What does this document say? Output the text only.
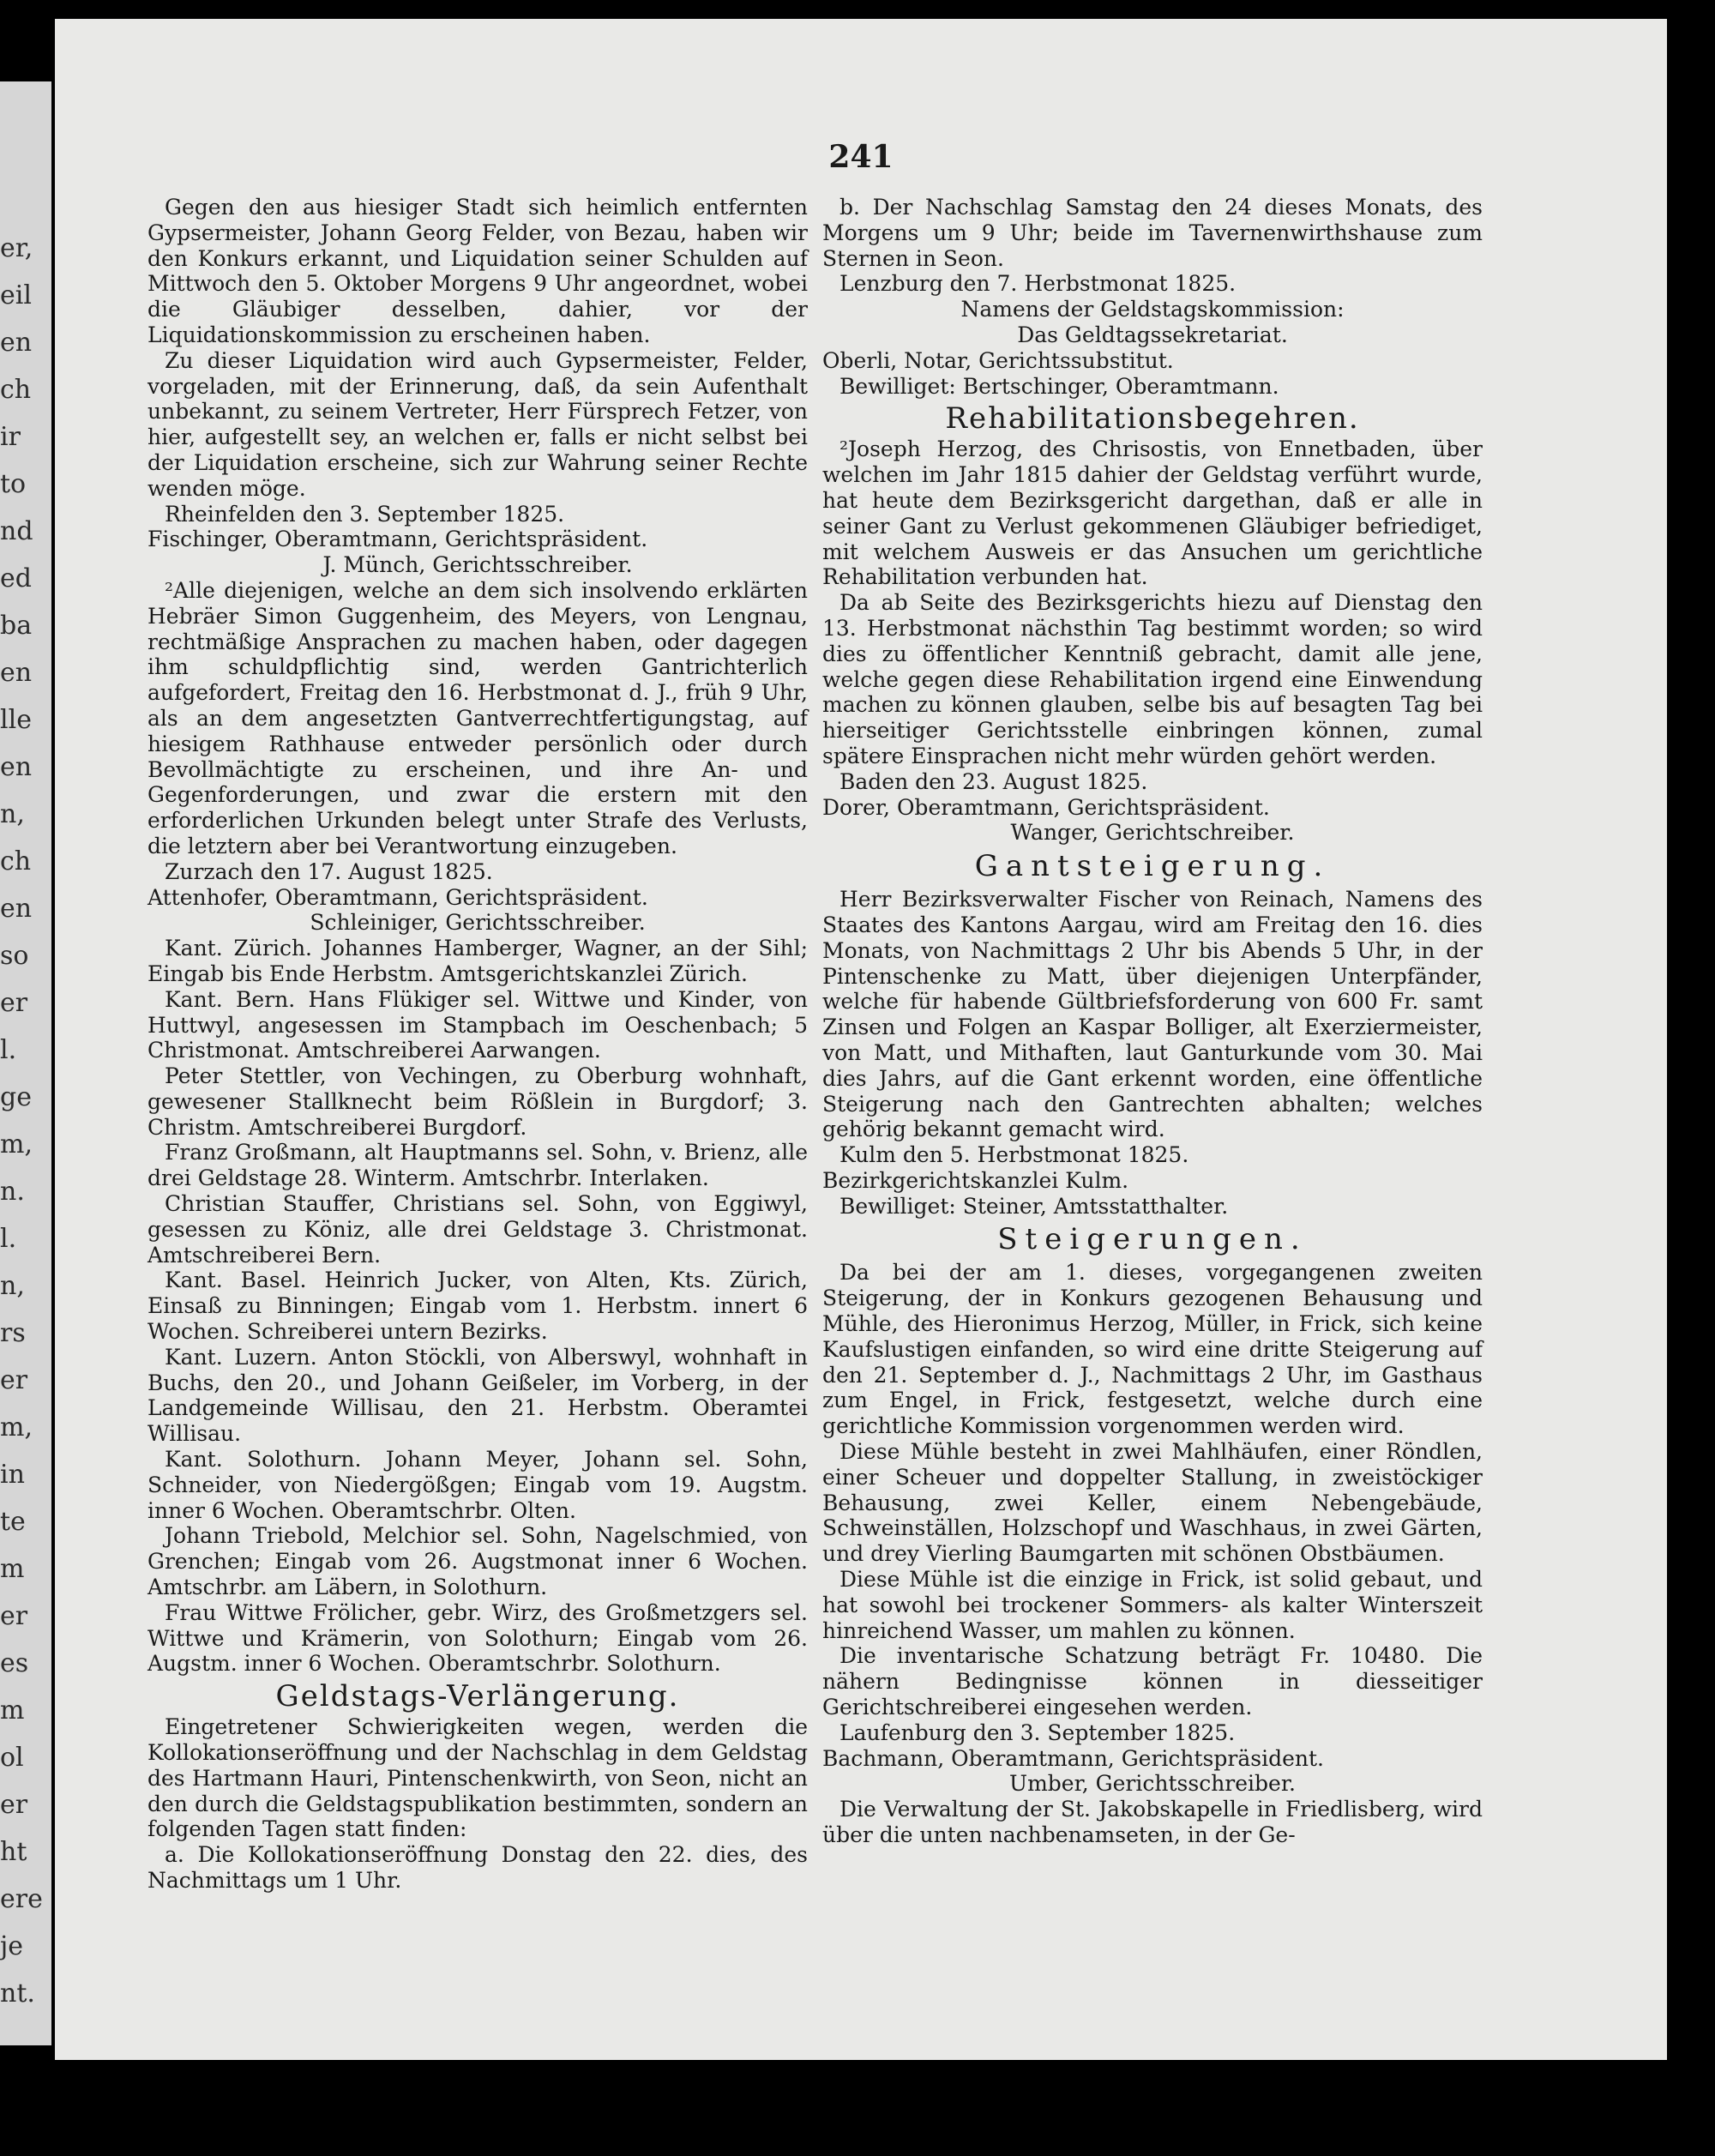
er,
eil
en
ch
ir
to
nd
ed
ba
en
lle
en
n,
ch
en
so
er
l.
ge
m,
n.
l.
n,
rs
er
m,
in
te
m
er
es
m
ol
er
ht
ere
je
nt.
241

Gegen den aus hiesiger Stadt sich heimlich entfernten Gypsermeister, Johann Georg Felder, von Bezau, haben wir den Konkurs erkannt, und Liquidation seiner Schulden auf Mittwoch den 5. Oktober Morgens 9 Uhr angeordnet, wobei die Gläubiger desselben, dahier, vor der Liquidationskommission zu erscheinen haben.

Zu dieser Liquidation wird auch Gypsermeister, Felder, vorgeladen, mit der Erinnerung, daß, da sein Aufenthalt unbekannt, zu seinem Vertreter, Herr Fürsprech Fetzer, von hier, aufgestellt sey, an welchen er, falls er nicht selbst bei der Liquidation erscheine, sich zur Wahrung seiner Rechte wenden möge.

Rheinfelden den 3. September 1825.

Fischinger, Oberamtmann, Gerichtspräsident.

J. Münch, Gerichtsschreiber.

²Alle diejenigen, welche an dem sich insolvendo erklärten Hebräer Simon Guggenheim, des Meyers, von Lengnau, rechtmäßige Ansprachen zu machen haben, oder dagegen ihm schuldpflichtig sind, werden Gantrichterlich aufgefordert, Freitag den 16. Herbstmonat d. J., früh 9 Uhr, als an dem angesetzten Gantverrechtfertigungstag, auf hiesigem Rathhause entweder persönlich oder durch Bevollmächtigte zu erscheinen, und ihre An- und Gegenforderungen, und zwar die erstern mit den erforderlichen Urkunden belegt unter Strafe des Verlusts, die letztern aber bei Verantwortung einzugeben.

Zurzach den 17. August 1825.

Attenhofer, Oberamtmann, Gerichtspräsident.

Schleiniger, Gerichtsschreiber.

Kant. Zürich. Johannes Hamberger, Wagner, an der Sihl; Eingab bis Ende Herbstm. Amtsgerichtskanzlei Zürich.

Kant. Bern. Hans Flükiger sel. Wittwe und Kinder, von Huttwyl, angesessen im Stampbach im Oeschenbach; 5 Christmonat. Amtschreiberei Aarwangen.

Peter Stettler, von Vechingen, zu Oberburg wohnhaft, gewesener Stallknecht beim Rößlein in Burgdorf; 3. Christm. Amtschreiberei Burgdorf.

Franz Großmann, alt Hauptmanns sel. Sohn, v. Brienz, alle drei Geldstage 28. Winterm. Amtschrbr. Interlaken.

Christian Stauffer, Christians sel. Sohn, von Eggiwyl, gesessen zu Köniz, alle drei Geldstage 3. Christmonat. Amtschreiberei Bern.

Kant. Basel. Heinrich Jucker, von Alten, Kts. Zürich, Einsaß zu Binningen; Eingab vom 1. Herbstm. innert 6 Wochen. Schreiberei untern Bezirks.

Kant. Luzern. Anton Stöckli, von Alberswyl, wohnhaft in Buchs, den 20., und Johann Geißeler, im Vorberg, in der Landgemeinde Willisau, den 21. Herbstm. Oberamtei Willisau.

Kant. Solothurn. Johann Meyer, Johann sel. Sohn, Schneider, von Niedergößgen; Eingab vom 19. Augstm. inner 6 Wochen. Oberamtschrbr. Olten.

Johann Triebold, Melchior sel. Sohn, Nagelschmied, von Grenchen; Eingab vom 26. Augstmonat inner 6 Wochen. Amtschrbr. am Läbern, in Solothurn.

Frau Wittwe Frölicher, gebr. Wirz, des Großmetzgers sel. Wittwe und Krämerin, von Solothurn; Eingab vom 26. Augstm. inner 6 Wochen. Oberamtschrbr. Solothurn.

Geldstags-Verlängerung.

Eingetretener Schwierigkeiten wegen, werden die Kollokationseröffnung und der Nachschlag in dem Geldstag des Hartmann Hauri, Pintenschenkwirth, von Seon, nicht an den durch die Geldstagspublikation bestimmten, sondern an folgenden Tagen statt finden:

a. Die Kollokationseröffnung Donstag den 22. dies, des Nachmittags um 1 Uhr.

b. Der Nachschlag Samstag den 24 dieses Monats, des Morgens um 9 Uhr; beide im Tavernenwirthshause zum Sternen in Seon.

Lenzburg den 7. Herbstmonat 1825.

Namens der Geldstagskommission:

Das Geldtagssekretariat.

Oberli, Notar, Gerichtssubstitut.

Bewilliget: Bertschinger, Oberamtmann.

Rehabilitationsbegehren.

²Joseph Herzog, des Chrisostis, von Ennetbaden, über welchen im Jahr 1815 dahier der Geldstag verführt wurde, hat heute dem Bezirksgericht dargethan, daß er alle in seiner Gant zu Verlust gekommenen Gläubiger befriediget, mit welchem Ausweis er das Ansuchen um gerichtliche Rehabilitation verbunden hat.

Da ab Seite des Bezirksgerichts hiezu auf Dienstag den 13. Herbstmonat nächsthin Tag bestimmt worden; so wird dies zu öffentlicher Kenntniß gebracht, damit alle jene, welche gegen diese Rehabilitation irgend eine Einwendung machen zu können glauben, selbe bis auf besagten Tag bei hierseitiger Gerichtsstelle einbringen können, zumal spätere Einsprachen nicht mehr würden gehört werden.

Baden den 23. August 1825.

Dorer, Oberamtmann, Gerichtspräsident.

Wanger, Gerichtschreiber.

Gantsteigerung.

Herr Bezirksverwalter Fischer von Reinach, Namens des Staates des Kantons Aargau, wird am Freitag den 16. dies Monats, von Nachmittags 2 Uhr bis Abends 5 Uhr, in der Pintenschenke zu Matt, über diejenigen Unterpfänder, welche für habende Gültbriefsforderung von 600 Fr. samt Zinsen und Folgen an Kaspar Bolliger, alt Exerziermeister, von Matt, und Mithaften, laut Ganturkunde vom 30. Mai dies Jahrs, auf die Gant erkennt worden, eine öffentliche Steigerung nach den Gantrechten abhalten; welches gehörig bekannt gemacht wird.

Kulm den 5. Herbstmonat 1825.

Bezirkgerichtskanzlei Kulm.

Bewilliget: Steiner, Amtsstatthalter.

Steigerungen.

Da bei der am 1. dieses, vorgegangenen zweiten Steigerung, der in Konkurs gezogenen Behausung und Mühle, des Hieronimus Herzog, Müller, in Frick, sich keine Kaufslustigen einfanden, so wird eine dritte Steigerung auf den 21. September d. J., Nachmittags 2 Uhr, im Gasthaus zum Engel, in Frick, festgesetzt, welche durch eine gerichtliche Kommission vorgenommen werden wird.

Diese Mühle besteht in zwei Mahlhäufen, einer Röndlen, einer Scheuer und doppelter Stallung, in zweistöckiger Behausung, zwei Keller, einem Nebengebäude, Schweinställen, Holzschopf und Waschhaus, in zwei Gärten, und drey Vierling Baumgarten mit schönen Obstbäumen.

Diese Mühle ist die einzige in Frick, ist solid gebaut, und hat sowohl bei trockener Sommers- als kalter Winterszeit hinreichend Wasser, um mahlen zu können.

Die inventarische Schatzung beträgt Fr. 10480. Die nähern Bedingnisse können in diesseitiger Gerichtschreiberei eingesehen werden.

Laufenburg den 3. September 1825.

Bachmann, Oberamtmann, Gerichtspräsident.

Umber, Gerichtsschreiber.

Die Verwaltung der St. Jakobskapelle in Friedlisberg, wird über die unten nachbenamseten, in der Ge-
